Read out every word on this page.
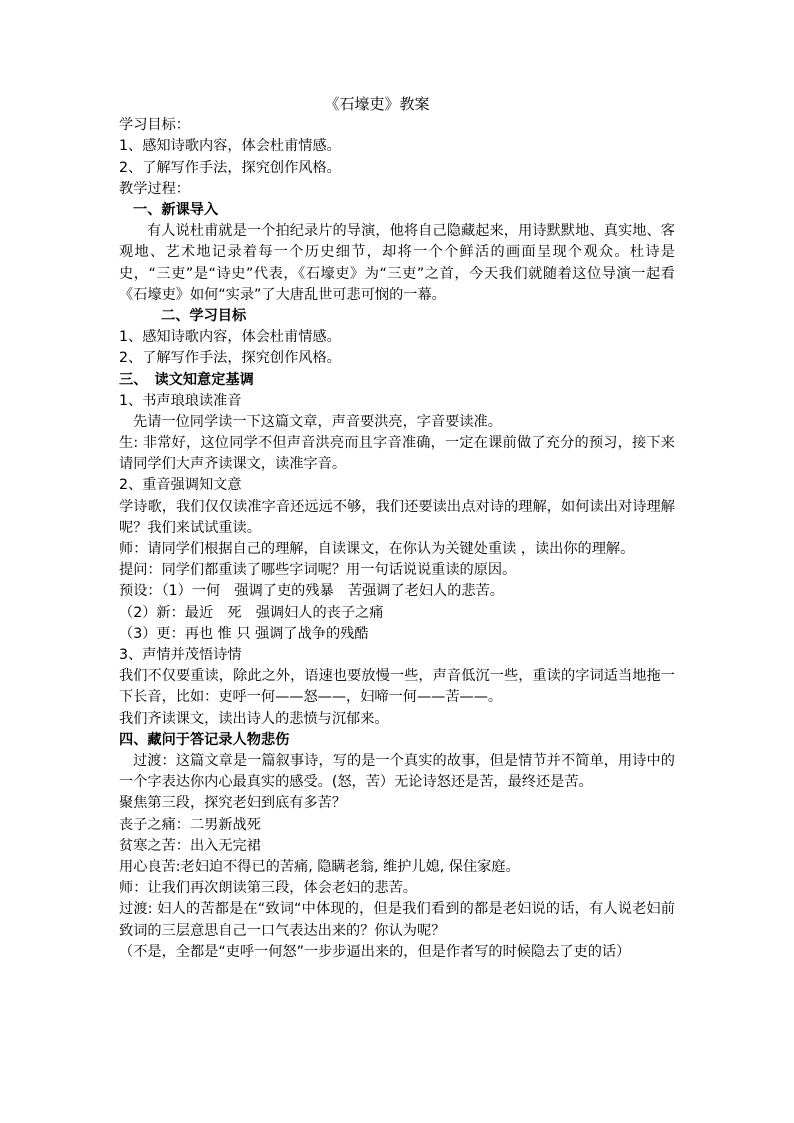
《石壕吏》教案
学习目标：
1、感知诗歌内容，体会杜甫情感。
2、了解写作手法，探究创作风格。
教学过程：
一、新课导入
有人说杜甫就是一个拍纪录片的导演，他将自己隐藏起来，用诗默默地、真实地、客观地、艺术地记录着每一个历史细节，却将一个个鲜活的画面呈现个观众。杜诗是史，“三吏”是“诗史”代表，《石壕吏》为“三吏”之首，今天我们就随着这位导演一起看《石壕吏》如何“实录”了大唐乱世可悲可悯的一幕。
二、学习目标
1、感知诗歌内容，体会杜甫情感。
2、了解写作手法，探究创作风格。
三、　读文知意定基调
1、书声琅琅读准音
先请一位同学读一下这篇文章，声音要洪亮，字音要读准。
生: 非常好，这位同学不但声音洪亮而且字音准确，一定在课前做了充分的预习，接下来请同学们大声齐读课文，读准字音。
2、重音强调知文意
学诗歌，我们仅仅读准字音还远远不够，我们还要读出点对诗的理解，如何读出对诗理解呢？我们来试试重读。
师：请同学们根据自己的理解，自读课文，在你认为关键处重读 ，读出你的理解。
提问：同学们都重读了哪些字词呢？用一句话说说重读的原因。
预设：（1）一何　强调了吏的残暴　苦强调了老妇人的悲苦。
（2）新：最近　死　强调妇人的丧子之痛
（3）更：再也 惟 只 强调了战争的残酷
3、声情并茂悟诗情
我们不仅要重读，除此之外，语速也要放慢一些，声音低沉一些，重读的字词适当地拖一下长音，比如：吏呼一何——怒——，妇啼一何——苦——。
我们齐读课文，读出诗人的悲愤与沉郁来。
四、藏问于答记录人物悲伤
过渡：这篇文章是一篇叙事诗，写的是一个真实的故事，但是情节并不简单，用诗中的一个字表达你内心最真实的感受。(怒，苦）无论诗怒还是苦，最终还是苦。
聚焦第三段，探究老妇到底有多苦？
丧子之痛：二男新战死
贫寒之苦：出入无完裙
用心良苦:老妇迫不得已的苦痛, 隐瞒老翁, 维护儿媳, 保住家庭。
师：让我们再次朗读第三段，体会老妇的悲苦。
过渡: 妇人的苦都是在“致词“中体现的，但是我们看到的都是老妇说的话，有人说老妇前致词的三层意思自己一口气表达出来的？你认为呢？
（不是，全都是“吏呼一何怒”一步步逼出来的，但是作者写的时候隐去了吏的话）
